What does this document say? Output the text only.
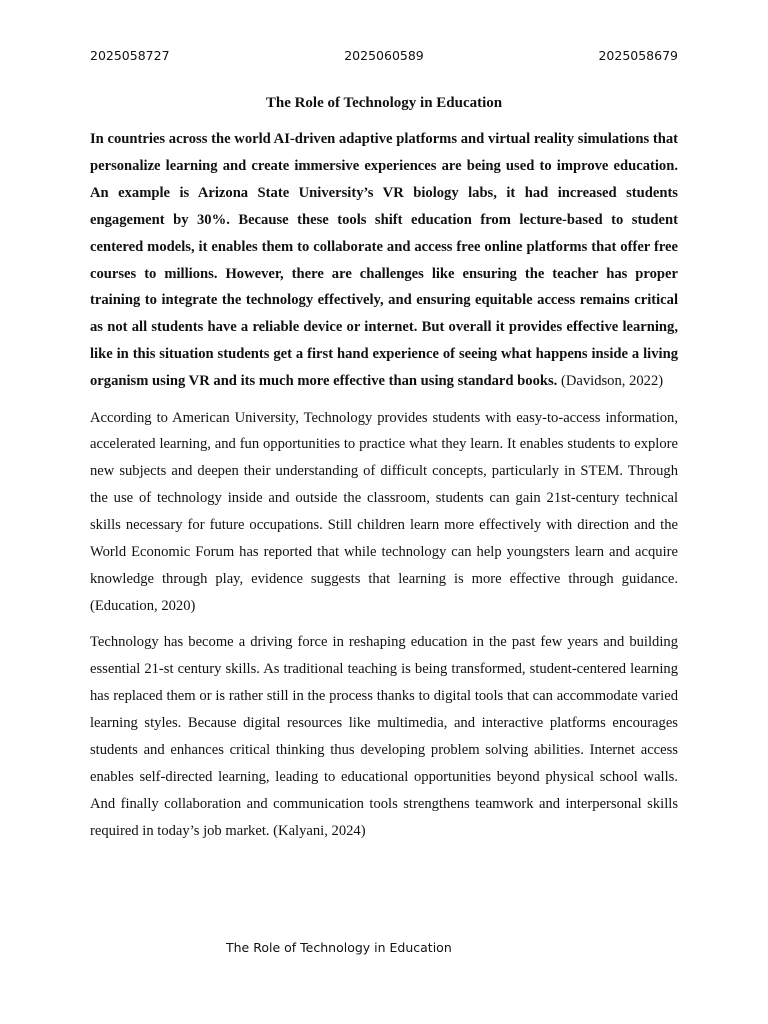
2025058727	2025060589	2025058679
The Role of Technology in Education

In countries across the world AI-driven adaptive platforms and virtual reality simulations that personalize learning and create immersive experiences are being used to improve education. An example is Arizona State University’s VR biology labs, it had increased students engagement by 30%. Because these tools shift education from lecture-based to student centered models, it enables them to collaborate and access free online platforms that offer free courses to millions. However, there are challenges like ensuring the teacher has proper training to integrate the technology effectively, and ensuring equitable access remains critical as not all students have a reliable device or internet. But overall it provides effective learning, like in this situation students get a first hand experience of seeing what happens inside a living organism using VR and its much more effective than using standard books. (Davidson, 2022)

According to American University, Technology provides students with easy-to-access information, accelerated learning, and fun opportunities to practice what they learn. It enables students to explore new subjects and deepen their understanding of difficult concepts, particularly in STEM. Through the use of technology inside and outside the classroom, students can gain 21st-century technical skills necessary for future occupations. Still children learn more effectively with direction and the World Economic Forum has reported that while technology can help youngsters learn and acquire knowledge through play, evidence suggests that learning is more effective through guidance. (Education, 2020)

Technology has become a driving force in reshaping education in the past few years and building essential 21-st century skills. As traditional teaching is being transformed, student-centered learning has replaced them or is rather still in the process thanks to digital tools that can accommodate varied learning styles. Because digital resources like multimedia, and interactive platforms encourages students and enhances critical thinking thus developing problem solving abilities. Internet access enables self-directed learning, leading to educational opportunities beyond physical school walls. And finally collaboration and communication tools strengthens teamwork and interpersonal skills required in today’s job market. (Kalyani, 2024)

The Role of Technology in Education
